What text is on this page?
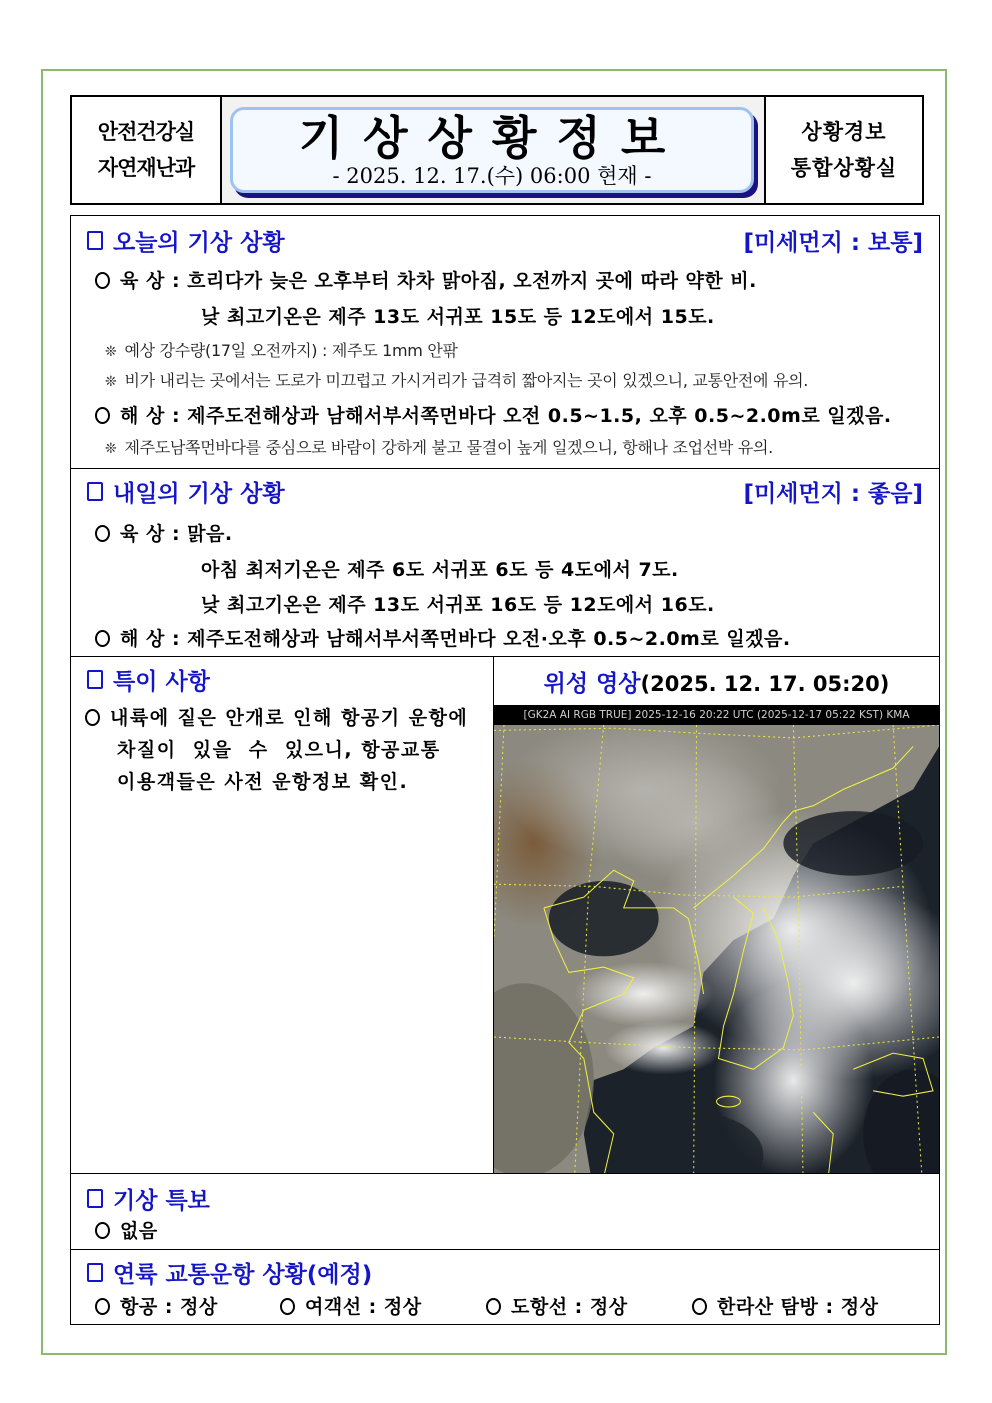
안전건강실
자연재난과
기상상황정보
- 2025. 12. 17.(수) 06:00 현재 -
상황경보
통합상황실
오늘의 기상 상황	[미세먼지 : 보통]
육 상 : 흐리다가 늦은 오후부터 차차 맑아짐, 오전까지 곳에 따라 약한 비.
낮 최고기온은 제주 13도 서귀포 15도 등 12도에서 15도.
❊ 예상 강수량(17일 오전까지) : 제주도 1mm 안팎
❊ 비가 내리는 곳에서는 도로가 미끄럽고 가시거리가 급격히 짧아지는 곳이 있겠으니, 교통안전에 유의.
해 상 : 제주도전해상과 남해서부서쪽먼바다 오전 0.5~1.5, 오후 0.5~2.0m로 일겠음.
❊ 제주도남쪽먼바다를 중심으로 바람이 강하게 불고 물결이 높게 일겠으니, 항해나 조업선박 유의.
내일의 기상 상황	[미세먼지 : 좋음]
육 상 : 맑음.
아침 최저기온은 제주 6도 서귀포 6도 등 4도에서 7도.
낮 최고기온은 제주 13도 서귀포 16도 등 12도에서 16도.
해 상 : 제주도전해상과 남해서부서쪽먼바다 오전·오후 0.5~2.0m로 일겠음.
특이 사항
내륙에 짙은 안개로 인해 항공기 운항에
차질이  있을  수  있으니, 항공교통
이용객들은 사전 운항정보 확인.
위성 영상(2025. 12. 17. 05:20)
[GK2A AI RGB TRUE] 2025-12-16 20:22 UTC (2025-12-17 05:22 KST) KMA
기상 특보
없음
연륙 교통운항 상황(예정)
항공 : 정상	여객선 : 정상	도항선 : 정상	한라산 탐방 : 정상
